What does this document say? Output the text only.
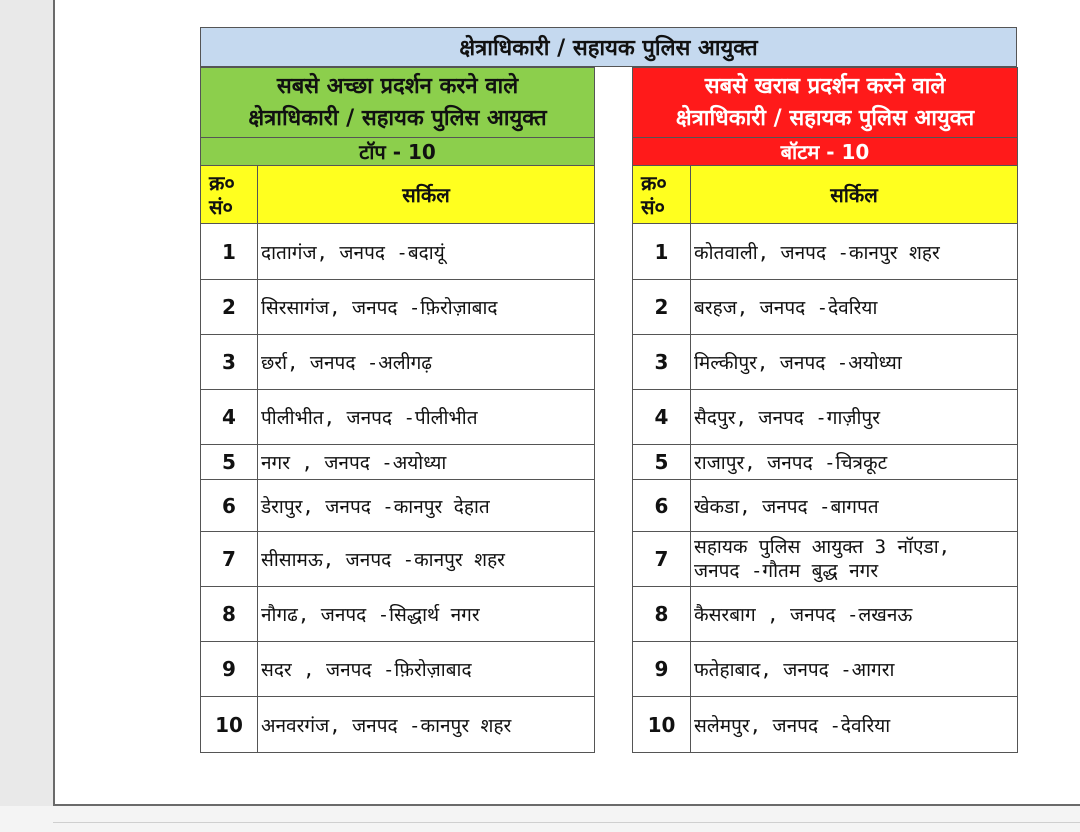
क्षेत्राधिकारी / सहायक पुलिस आयुक्त
सबसे अच्छा प्रदर्शन करने वाले
क्षेत्राधिकारी / सहायक पुलिस आयुक्त	

टॉप - 10	

क्र०
सं०	सर्किल
1	दातागंज, जनपद -बदायूं
2	सिरसागंज, जनपद -फ़िरोज़ाबाद
3	छर्रा, जनपद -अलीगढ़
4	पीलीभीत, जनपद -पीलीभीत
5	नगर , जनपद -अयोध्या
6	डेरापुर, जनपद -कानपुर देहात
7	सीसामऊ, जनपद -कानपुर शहर
8	नौगढ, जनपद -सिद्धार्थ नगर
9	सदर , जनपद -फ़िरोज़ाबाद
10	अनवरगंज, जनपद -कानपुर शहर
सबसे खराब प्रदर्शन करने वाले
क्षेत्राधिकारी / सहायक पुलिस आयुक्त	

बॉटम - 10	

क्र०
सं०	सर्किल
1	कोतवाली, जनपद -कानपुर शहर
2	बरहज, जनपद -देवरिया
3	मिल्कीपुर, जनपद -अयोध्या
4	सैदपुर, जनपद -गाज़ीपुर
5	राजापुर, जनपद -चित्रकूट
6	खेकडा, जनपद -बागपत
7	सहायक पुलिस आयुक्त 3 नॉएडा,
जनपद -गौतम बुद्ध नगर

8	कैसरबाग , जनपद -लखनऊ
9	फतेहाबाद, जनपद -आगरा
10	सलेमपुर, जनपद -देवरिया
